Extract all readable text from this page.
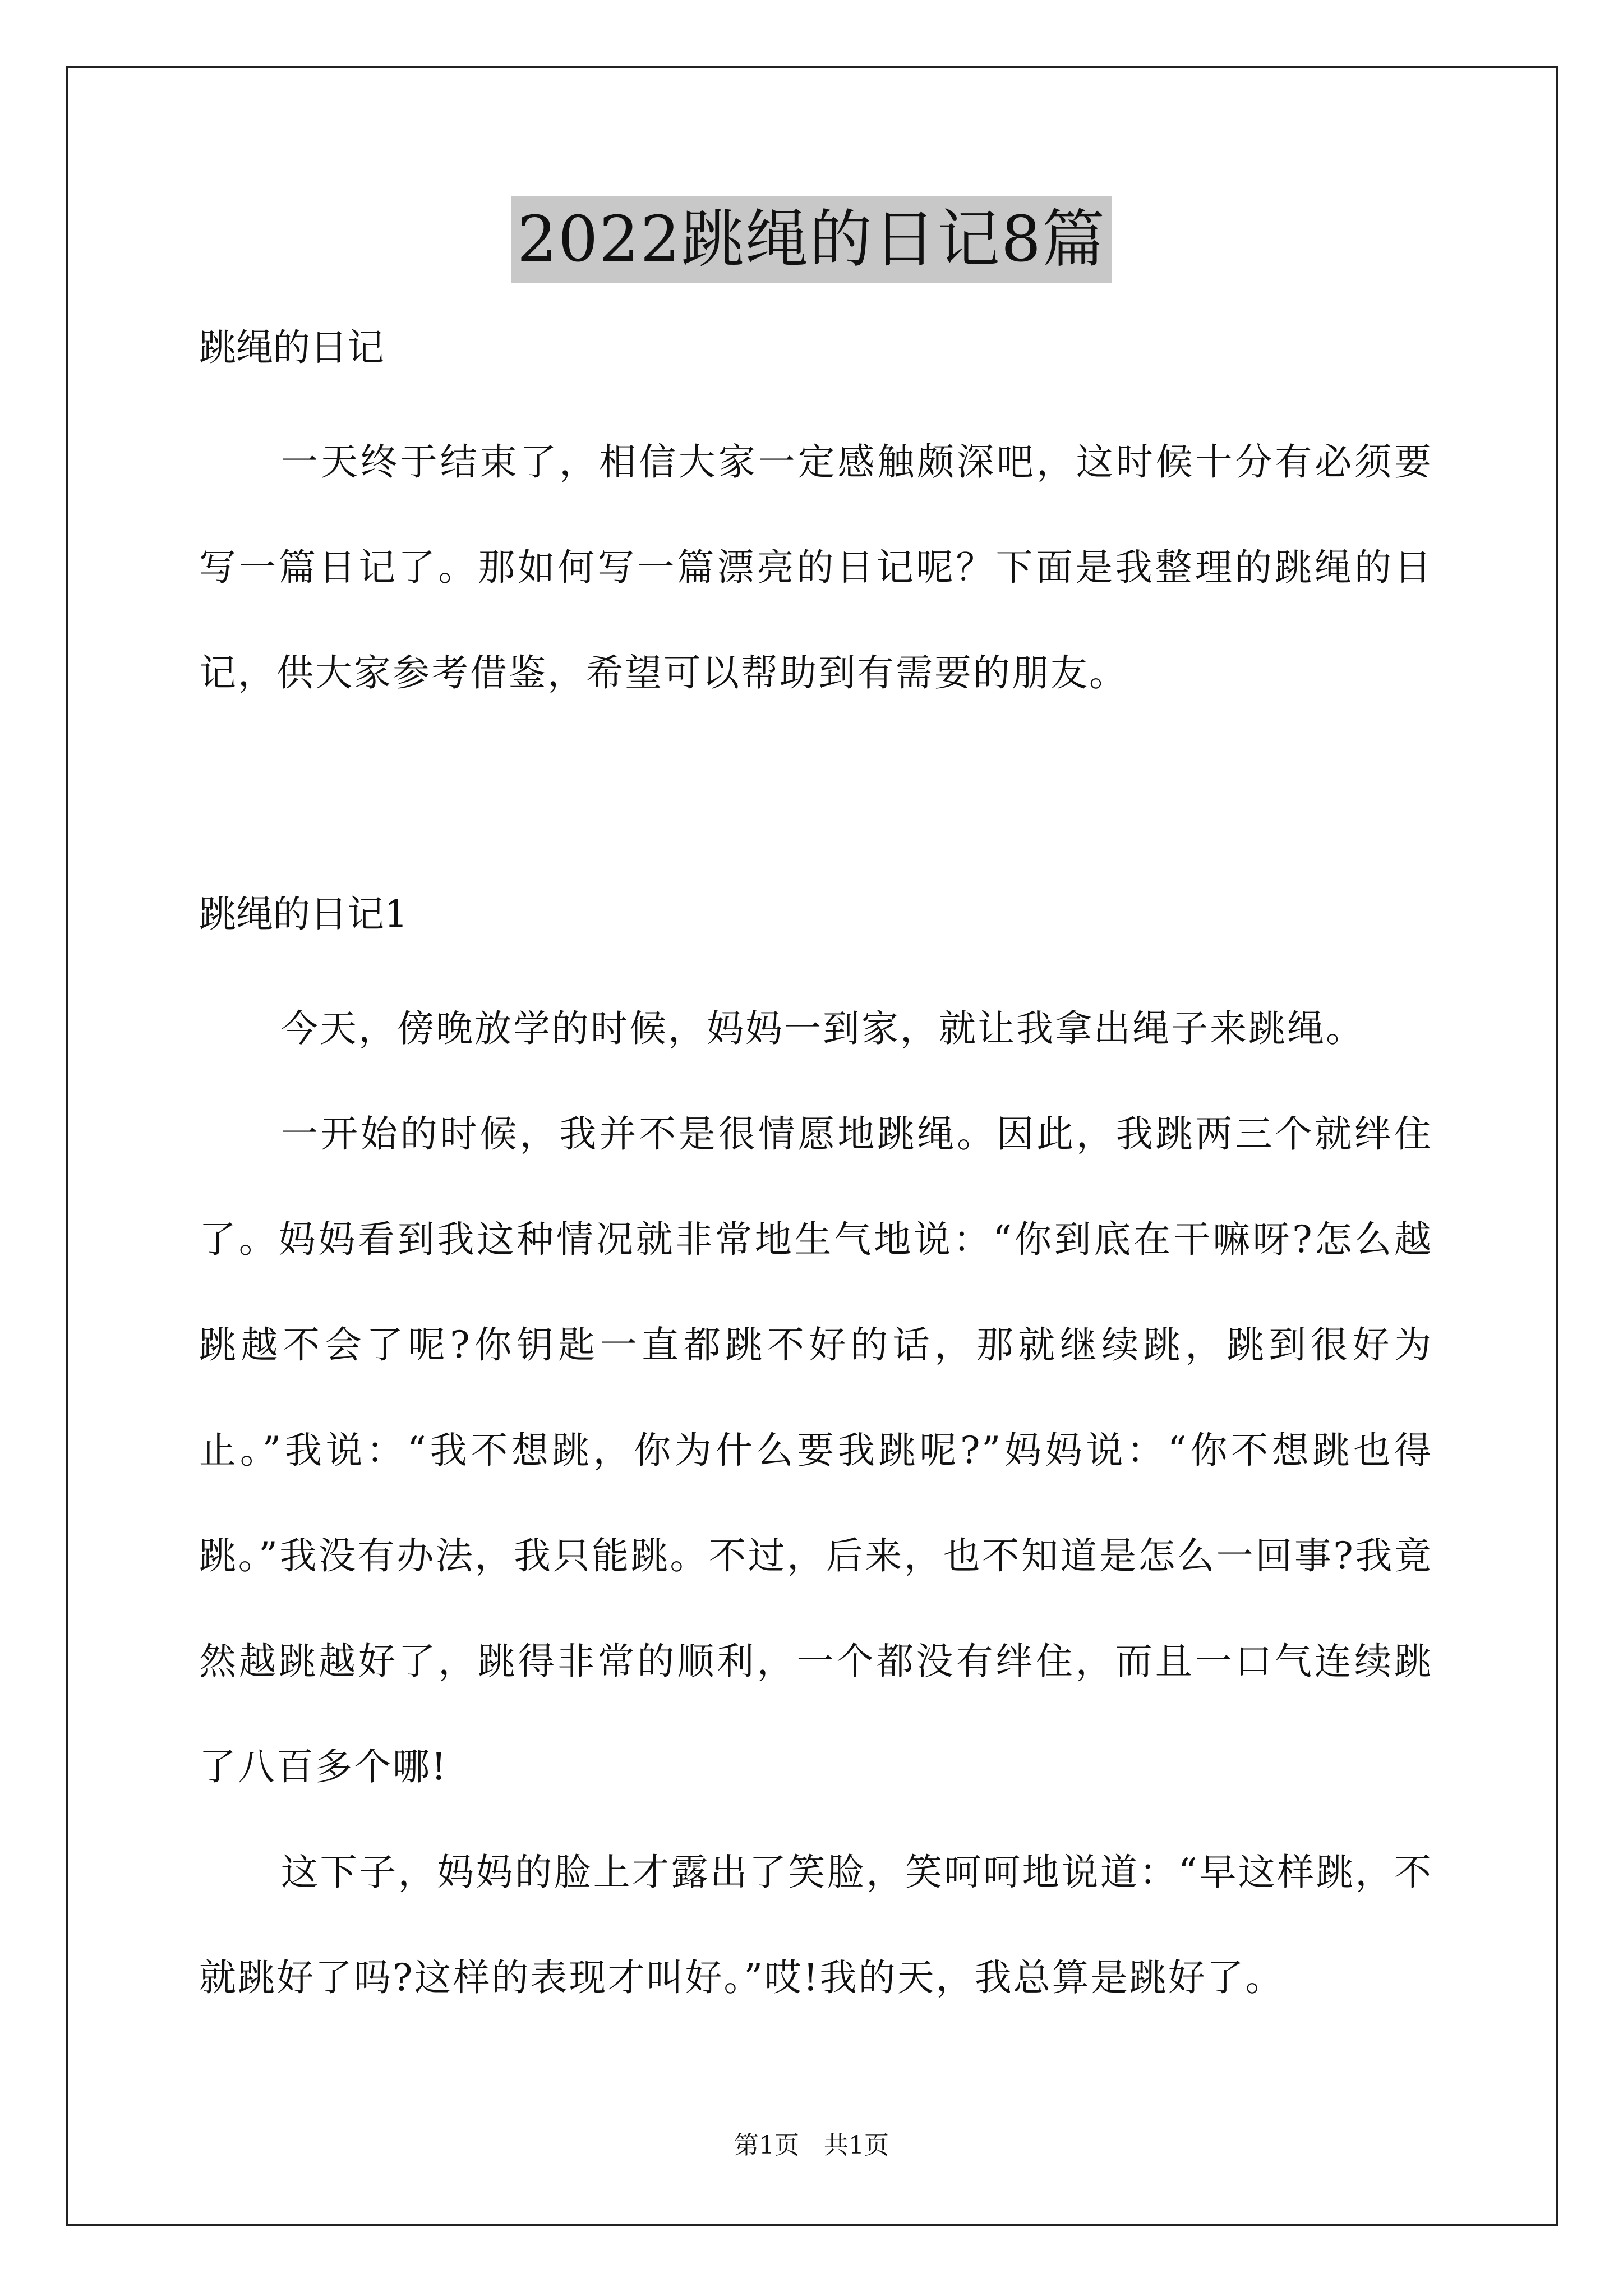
2022跳绳的日记8篇

跳绳的日记

一天终于结束了，相信大家一定感触颇深吧，这时候十分有必须要写一篇日记了。那如何写一篇漂亮的日记呢？下面是我整理的跳绳的日记，供大家参考借鉴，希望可以帮助到有需要的朋友。

跳绳的日记1

今天，傍晚放学的时候，妈妈一到家，就让我拿出绳子来跳绳。

一开始的时候，我并不是很情愿地跳绳。因此，我跳两三个就绊住了。妈妈看到我这种情况就非常地生气地说：“你到底在干嘛呀?怎么越跳越不会了呢?你钥匙一直都跳不好的话，那就继续跳，跳到很好为止。”我说：“我不想跳，你为什么要我跳呢?”妈妈说：“你不想跳也得跳。”我没有办法，我只能跳。不过，后来，也不知道是怎么一回事?我竟然越跳越好了，跳得非常的顺利，一个都没有绊住，而且一口气连续跳了八百多个哪!

这下子，妈妈的脸上才露出了笑脸，笑呵呵地说道：“早这样跳，不就跳好了吗?这样的表现才叫好。”哎!我的天，我总算是跳好了。

第1页　共1页
